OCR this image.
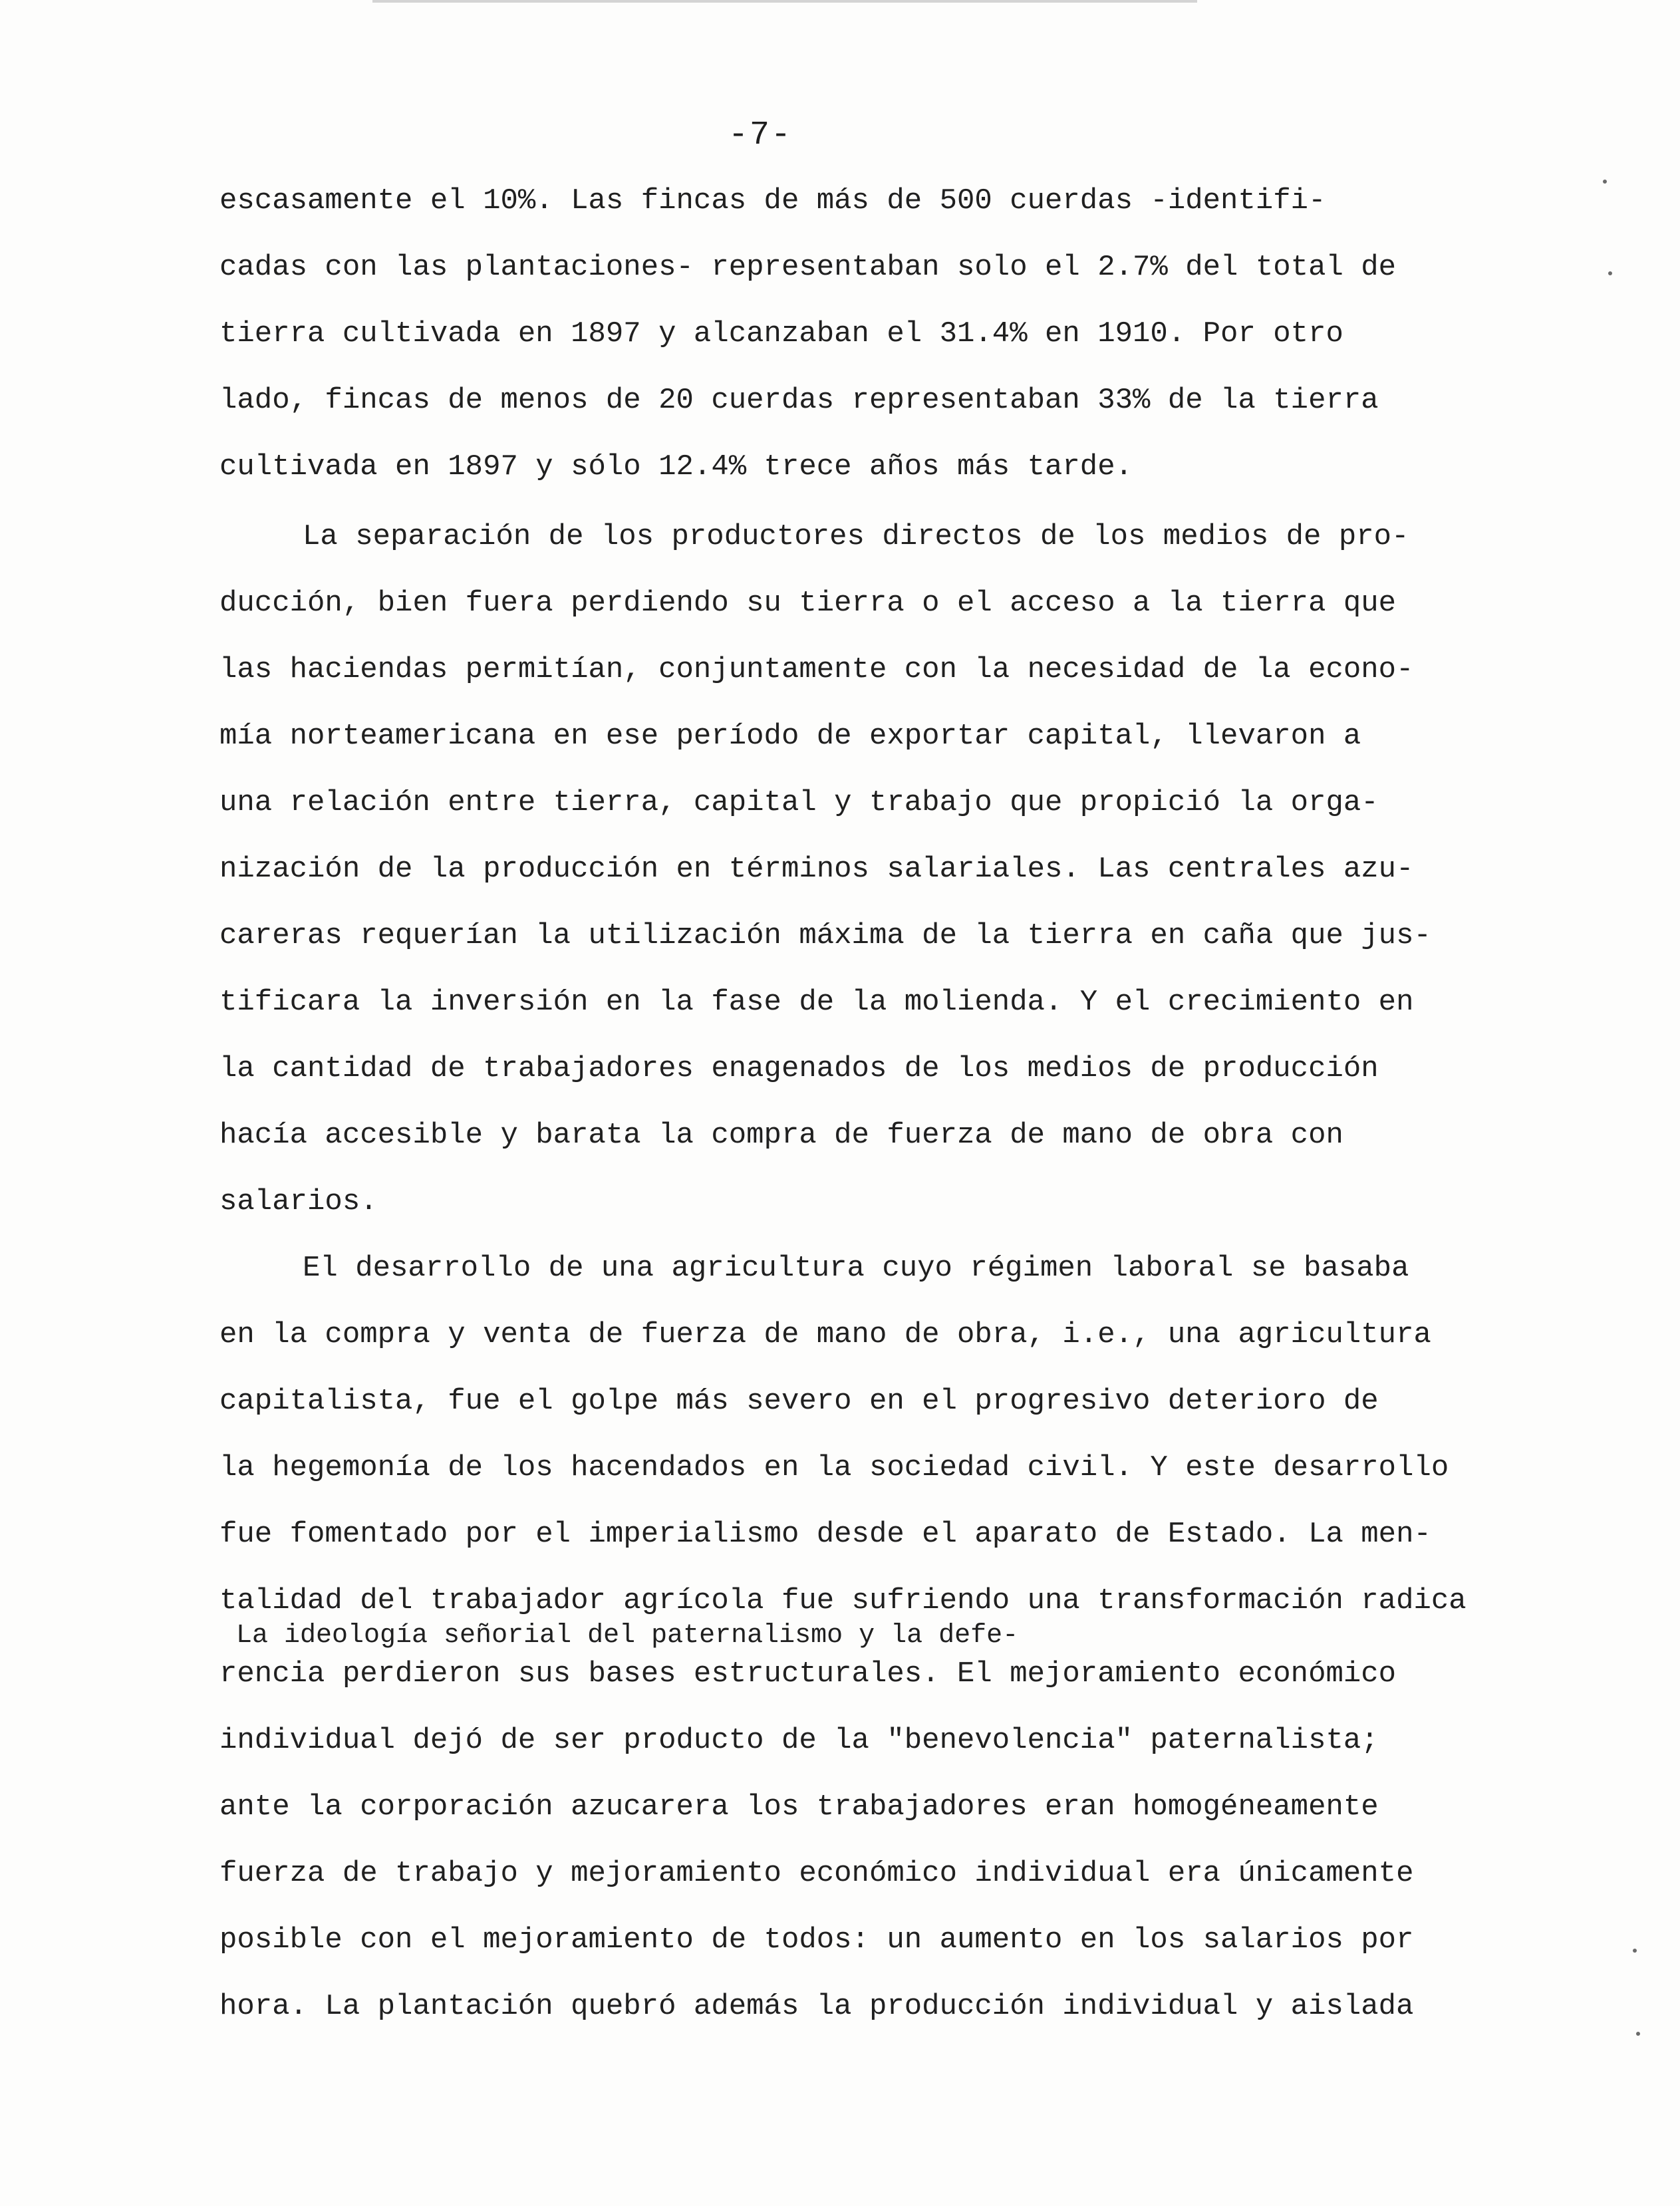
-7-
escasamente el 10%. Las fincas de más de 500 cuerdas -identifi-
cadas con las plantaciones- representaban solo el 2.7% del total de
tierra cultivada en 1897 y alcanzaban el 31.4% en 1910. Por otro
lado, fincas de menos de 20 cuerdas representaban 33% de la tierra
cultivada en 1897 y sólo 12.4% trece años más tarde.
La separación de los productores directos de los medios de pro-
ducción, bien fuera perdiendo su tierra o el acceso a la tierra que
las haciendas permitían, conjuntamente con la necesidad de la econo-
mía norteamericana en ese período de exportar capital, llevaron a
una relación entre tierra, capital y trabajo que propició la orga-
nización de la producción en términos salariales. Las centrales azu-
careras requerían la utilización máxima de la tierra en caña que jus-
tificara la inversión en la fase de la molienda. Y el crecimiento en
la cantidad de trabajadores enagenados de los medios de producción
hacía accesible y barata la compra de fuerza de mano de obra con
salarios.
El desarrollo de una agricultura cuyo régimen laboral se basaba
en la compra y venta de fuerza de mano de obra, i.e., una agricultura
capitalista, fue el golpe más severo en el progresivo deterioro de
la hegemonía de los hacendados en la sociedad civil. Y este desarrollo
fue fomentado por el imperialismo desde el aparato de Estado. La men-
talidad del trabajador agrícola fue sufriendo una transformación radica
La ideología señorial del paternalismo y la defe-
rencia perdieron sus bases estructurales. El mejoramiento económico
individual dejó de ser producto de la "benevolencia" paternalista;
ante la corporación azucarera los trabajadores eran homogéneamente
fuerza de trabajo y mejoramiento económico individual era únicamente
posible con el mejoramiento de todos: un aumento en los salarios por
hora. La plantación quebró además la producción individual y aislada
